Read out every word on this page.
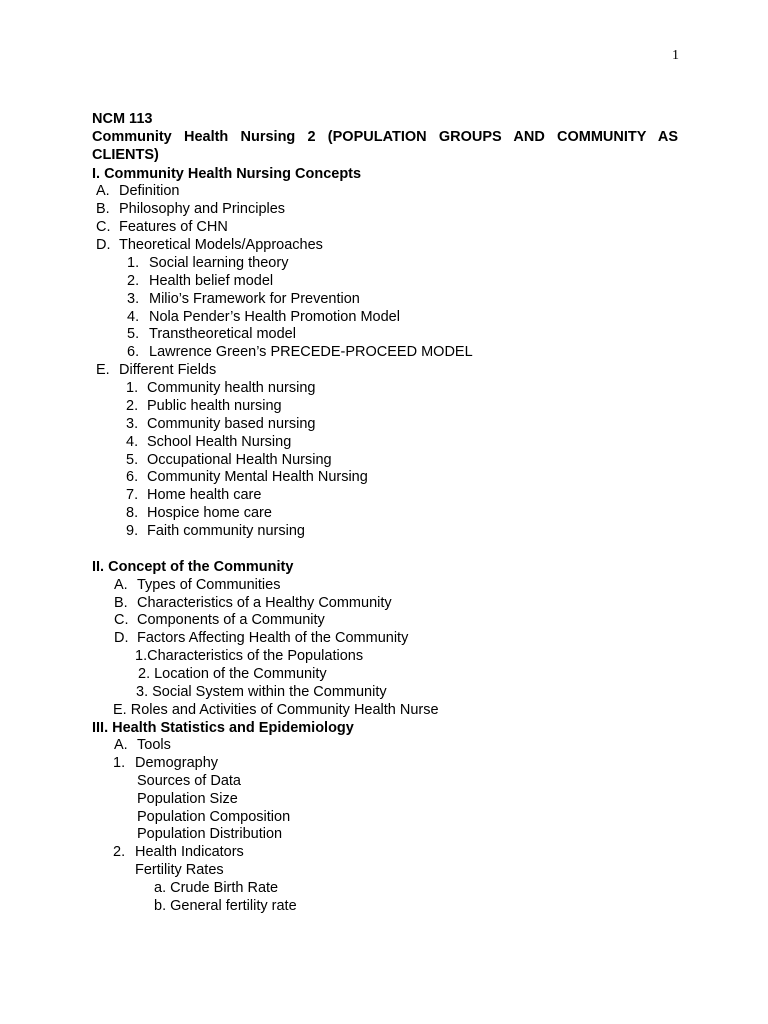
1
NCM 113
Community Health Nursing 2 (POPULATION GROUPS AND COMMUNITY AS CLIENTS)
I. Community Health Nursing Concepts
A. Definition
B. Philosophy and Principles
C. Features of CHN
D. Theoretical Models/Approaches
1. Social learning theory
2. Health belief model
3. Milio’s Framework for Prevention
4. Nola Pender’s Health Promotion Model
5. Transtheoretical model
6. Lawrence Green’s PRECEDE-PROCEED MODEL
E. Different Fields
1. Community health nursing
2. Public health nursing
3. Community based nursing
4. School Health Nursing
5. Occupational Health Nursing
6. Community Mental Health Nursing
7. Home health care
8. Hospice home care
9. Faith community nursing
II. Concept of the Community
A. Types of Communities
B. Characteristics of a Healthy Community
C. Components of a Community
D. Factors Affecting Health of the Community
1.Characteristics of the Populations
2. Location of the Community
3. Social System within the Community
E. Roles and Activities of Community Health Nurse
III. Health Statistics and Epidemiology
A. Tools
1. Demography
Sources of Data
Population Size
Population Composition
Population Distribution
2. Health Indicators
Fertility Rates
a. Crude Birth Rate
b. General fertility rate
